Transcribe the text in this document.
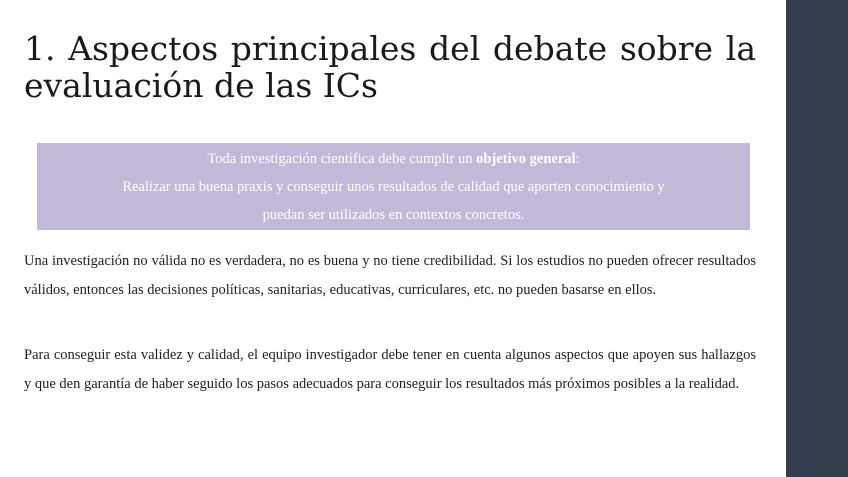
1. Aspectos principales del debate sobre la evaluación de las ICs
Toda investigación científica debe cumplir un objetivo general:
Realizar una buena praxis y conseguir unos resultados de calidad que aporten conocimiento y
puedan ser utilizados en contextos concretos.

Una investigación no válida no es verdadera, no es buena y no tiene credibilidad. Si los estudios no pueden ofrecer resultados válidos, entonces las decisiones políticas, sanitarias, educativas, curriculares, etc. no pueden basarse en ellos.

Para conseguir esta validez y calidad, el equipo investigador debe tener en cuenta algunos aspectos que apoyen sus hallazgos y que den garantía de haber seguido los pasos adecuados para conseguir los resultados más próximos posibles a la realidad.
